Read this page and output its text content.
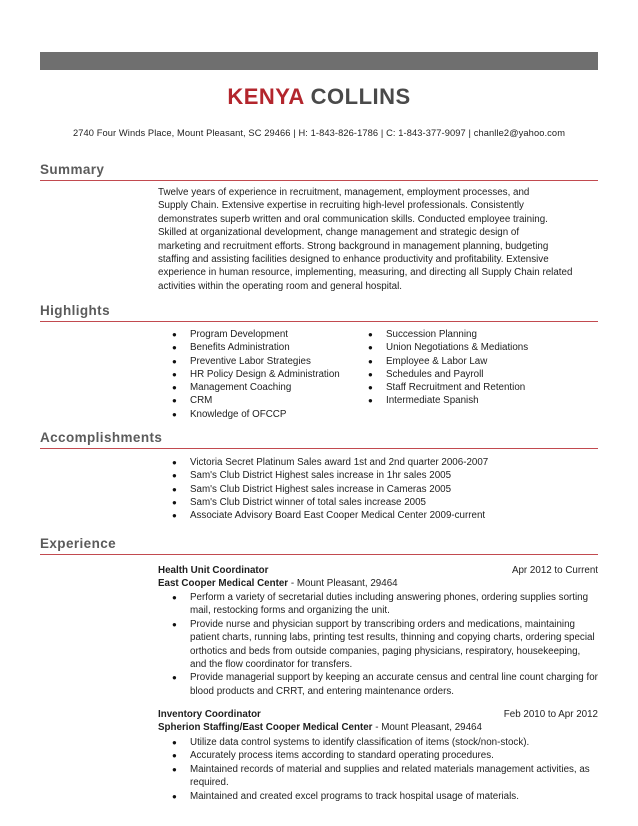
KENYA COLLINS
2740 Four Winds Place, Mount Pleasant, SC 29466 | H: 1-843-826-1786 | C: 1-843-377-9097 | chanlle2@yahoo.com
Summary

Twelve years of experience in recruitment, management, employment processes, and

Supply Chain. Extensive expertise in recruiting high-level professionals. Consistently

demonstrates superb written and oral communication skills. Conducted employee training.

Skilled at organizational development, change management and strategic design of

marketing and recruitment efforts. Strong background in management planning, budgeting

staffing and assisting facilities designed to enhance productivity and profitability. Extensive

experience in human resource, implementing, measuring, and directing all Supply Chain related

activities within the operating room and general hospital.

Highlights
● Program Development
● Benefits Administration
● Preventive Labor Strategies
● HR Policy Design & Administration
● Management Coaching
● CRM
● Knowledge of OFCCP
● Succession Planning
● Union Negotiations & Mediations
● Employee & Labor Law
● Schedules and Payroll
● Staff Recruitment and Retention
● Intermediate Spanish
Accomplishments
● Victoria Secret Platinum Sales award 1st and 2nd quarter 2006-2007
● Sam's Club District Highest sales increase in 1hr sales 2005
● Sam's Club District Highest sales increase in Cameras 2005
● Sam's Club District winner of total sales increase 2005
● Associate Advisory Board East Cooper Medical Center 2009-current
Experience
Health Unit Coordinator	Apr 2012 to Current
East Cooper Medical Center - Mount Pleasant, 29464
● Perform a variety of secretarial duties including answering phones, ordering supplies sorting mail, restocking forms and organizing the unit.
● Provide nurse and physician support by transcribing orders and medications, maintaining patient charts, running labs, printing test results, thinning and copying charts, ordering special orthotics and beds from outside companies, paging physicians, respiratory, housekeeping, and the flow coordinator for transfers.
● Provide managerial support by keeping an accurate census and central line count charging for blood products and CRRT, and entering maintenance orders.
Inventory Coordinator	Feb 2010 to Apr 2012
Spherion Staffing/East Cooper Medical Center - Mount Pleasant, 29464
● Utilize data control systems to identify classification of items (stock/non-stock).
● Accurately process items according to standard operating procedures.
● Maintained records of material and supplies and related materials management activities, as required.
● Maintained and created excel programs to track hospital usage of materials.
